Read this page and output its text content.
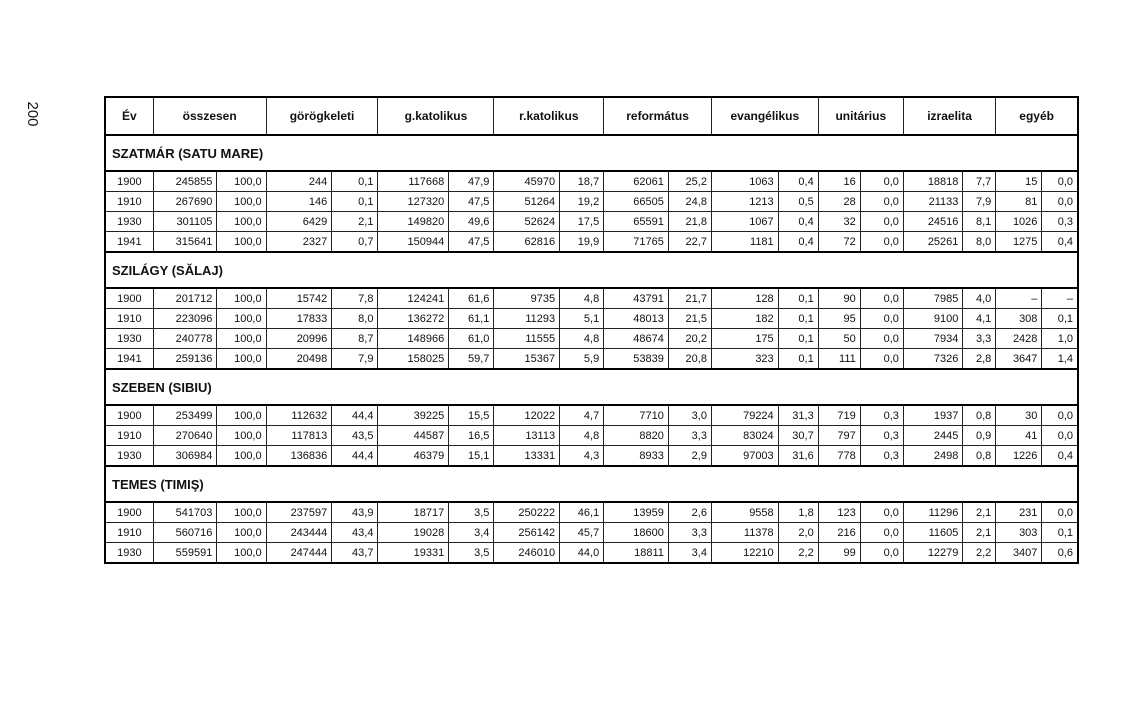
200	Év	összesen		görögkeleti		g.katolikus		r.katolikus		református		evangélikus		unitárius		izraelita		egyéb	
SZATMÁR (SATU MARE)																		
1900	245855	100,0	244	0,1	117668	47,9	45970	18,7	62061	25,2	1063	0,4	16	0,0	18818	7,7	15	0,0
1910	267690	100,0	146	0,1	127320	47,5	51264	19,2	66505	24,8	1213	0,5	28	0,0	21133	7,9	81	0,0
1930	301105	100,0	6429	2,1	149820	49,6	52624	17,5	65591	21,8	1067	0,4	32	0,0	24516	8,1	1026	0,3
1941	315641	100,0	2327	0,7	150944	47,5	62816	19,9	71765	22,7	1181	0,4	72	0,0	25261	8,0	1275	0,4
SZILÁGY (SĂLAJ)																		
1900	201712	100,0	15742	7,8	124241	61,6	9735	4,8	43791	21,7	128	0,1	90	0,0	7985	4,0	–	–
1910	223096	100,0	17833	8,0	136272	61,1	11293	5,1	48013	21,5	182	0,1	95	0,0	9100	4,1	308	0,1
1930	240778	100,0	20996	8,7	148966	61,0	11555	4,8	48674	20,2	175	0,1	50	0,0	7934	3,3	2428	1,0
1941	259136	100,0	20498	7,9	158025	59,7	15367	5,9	53839	20,8	323	0,1	111	0,0	7326	2,8	3647	1,4
SZEBEN (SIBIU)																		
1900	253499	100,0	112632	44,4	39225	15,5	12022	4,7	7710	3,0	79224	31,3	719	0,3	1937	0,8	30	0,0
1910	270640	100,0	117813	43,5	44587	16,5	13113	4,8	8820	3,3	83024	30,7	797	0,3	2445	0,9	41	0,0
1930	306984	100,0	136836	44,4	46379	15,1	13331	4,3	8933	2,9	97003	31,6	778	0,3	2498	0,8	1226	0,4
TEMES (TIMIŞ)																		
1900	541703	100,0	237597	43,9	18717	3,5	250222	46,1	13959	2,6	9558	1,8	123	0,0	11296	2,1	231	0,0
1910	560716	100,0	243444	43,4	19028	3,4	256142	45,7	18600	3,3	11378	2,0	216	0,0	11605	2,1	303	0,1
1930	559591	100,0	247444	43,7	19331	3,5	246010	44,0	18811	3,4	12210	2,2	99	0,0	12279	2,2	3407	0,6
